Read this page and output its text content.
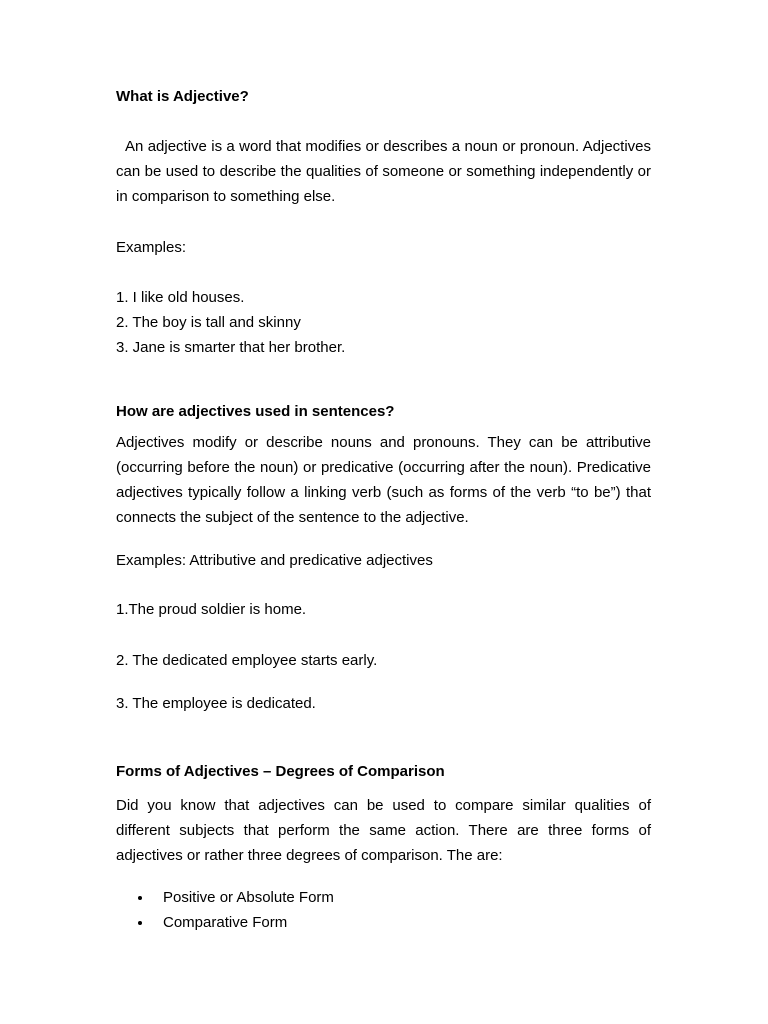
What is Adjective?

An adjective is a word that modifies or describes a noun or pronoun. Adjectives can be used to describe the qualities of someone or something independently or in comparison to something else.

Examples:

1. I like old houses.

2. The boy is tall and skinny

3. Jane is smarter that her brother.

How are adjectives used in sentences?

Adjectives modify or describe nouns and pronouns. They can be attributive (occurring before the noun) or predicative (occurring after the noun). Predicative adjectives typically follow a linking verb (such as forms of the verb “to be”) that connects the subject of the sentence to the adjective.

Examples: Attributive and predicative adjectives

1.The proud soldier is home.

2. The dedicated employee starts early.

3. The employee is dedicated.

Forms of Adjectives – Degrees of Comparison

Did you know that adjectives can be used to compare similar qualities of different subjects that perform the same action. There are three forms of adjectives or rather three degrees of comparison. The are:

Positive or Absolute Form
Comparative Form
